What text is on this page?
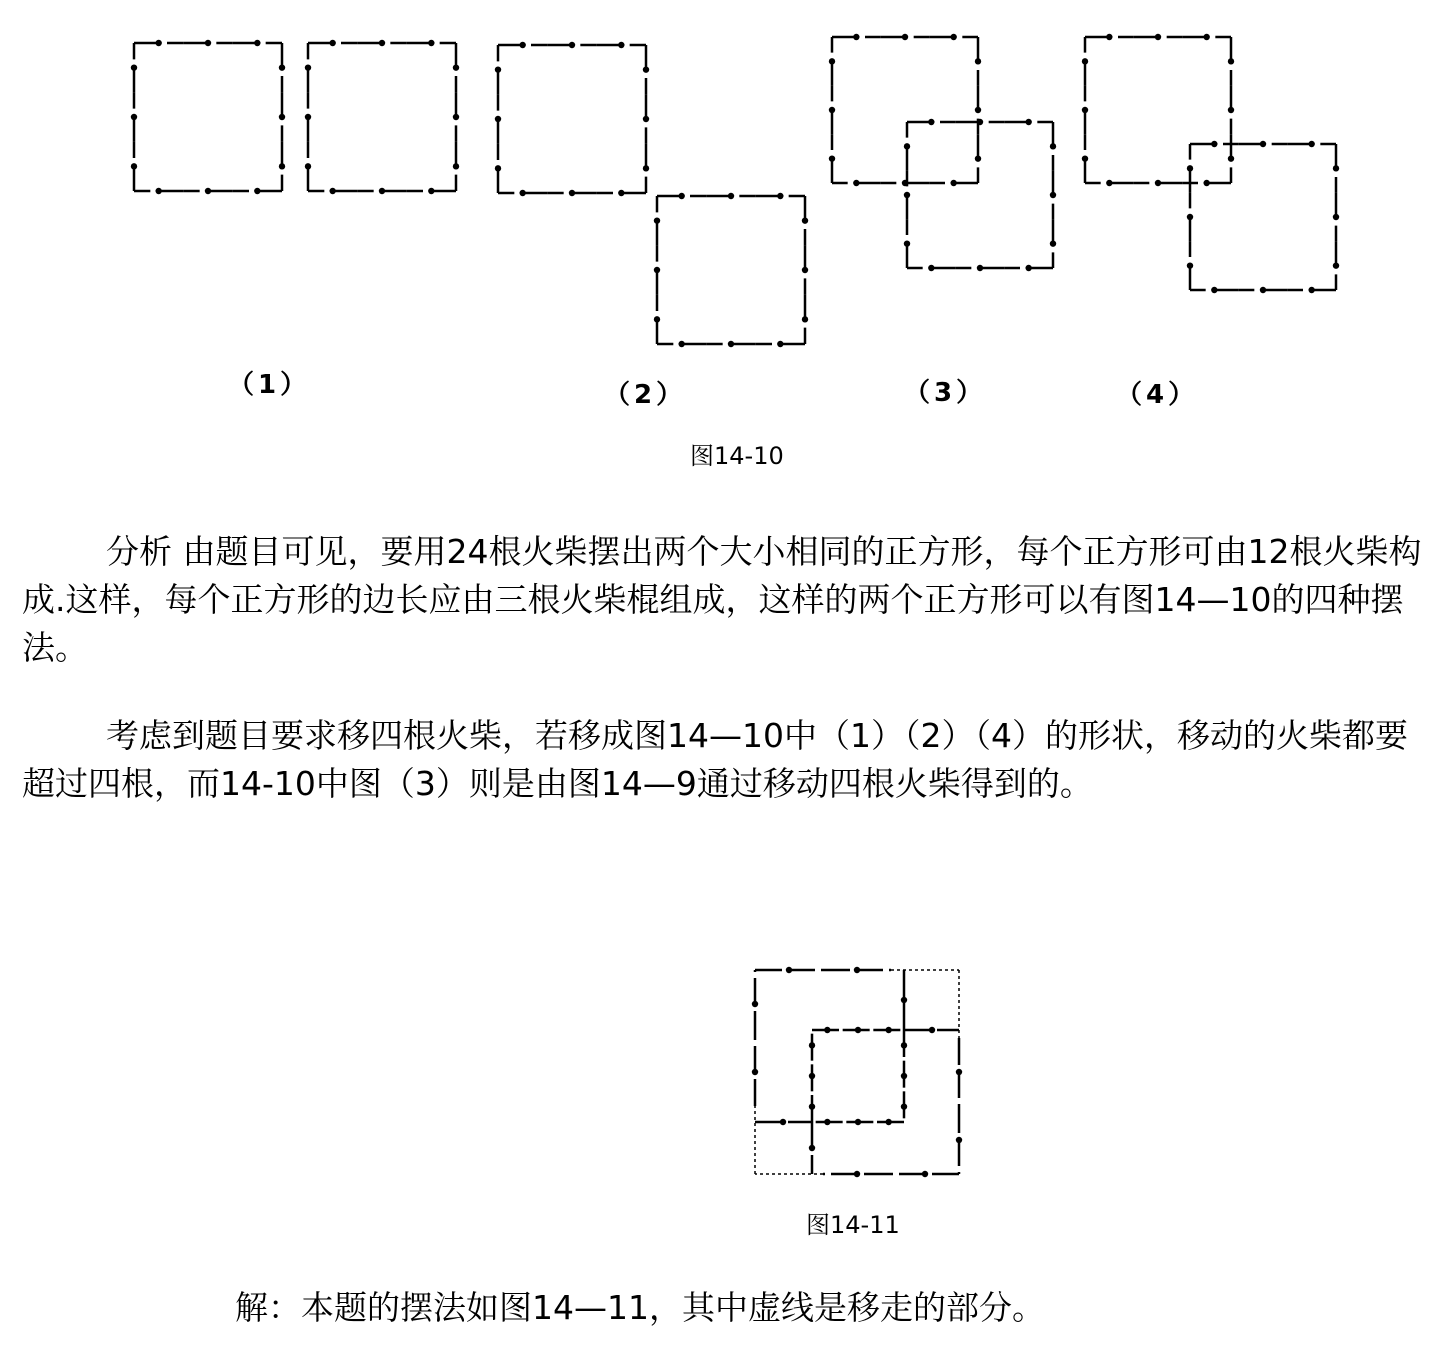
（1）	（2）	（3）	（4）
图14-10

分析 由题目可见，要用24根火柴摆出两个大小相同的正方形，每个正方形可由12根火柴构成.这样，每个正方形的边长应由三根火柴棍组成，这样的两个正方形可以有图14—10的四种摆法。

考虑到题目要求移四根火柴，若移成图14—10中（1）（2）（4）的形状，移动的火柴都要超过四根，而14-10中图（3）则是由图14—9通过移动四根火柴得到的。

图14-11
解：本题的摆法如图14—11，其中虚线是移走的部分。
